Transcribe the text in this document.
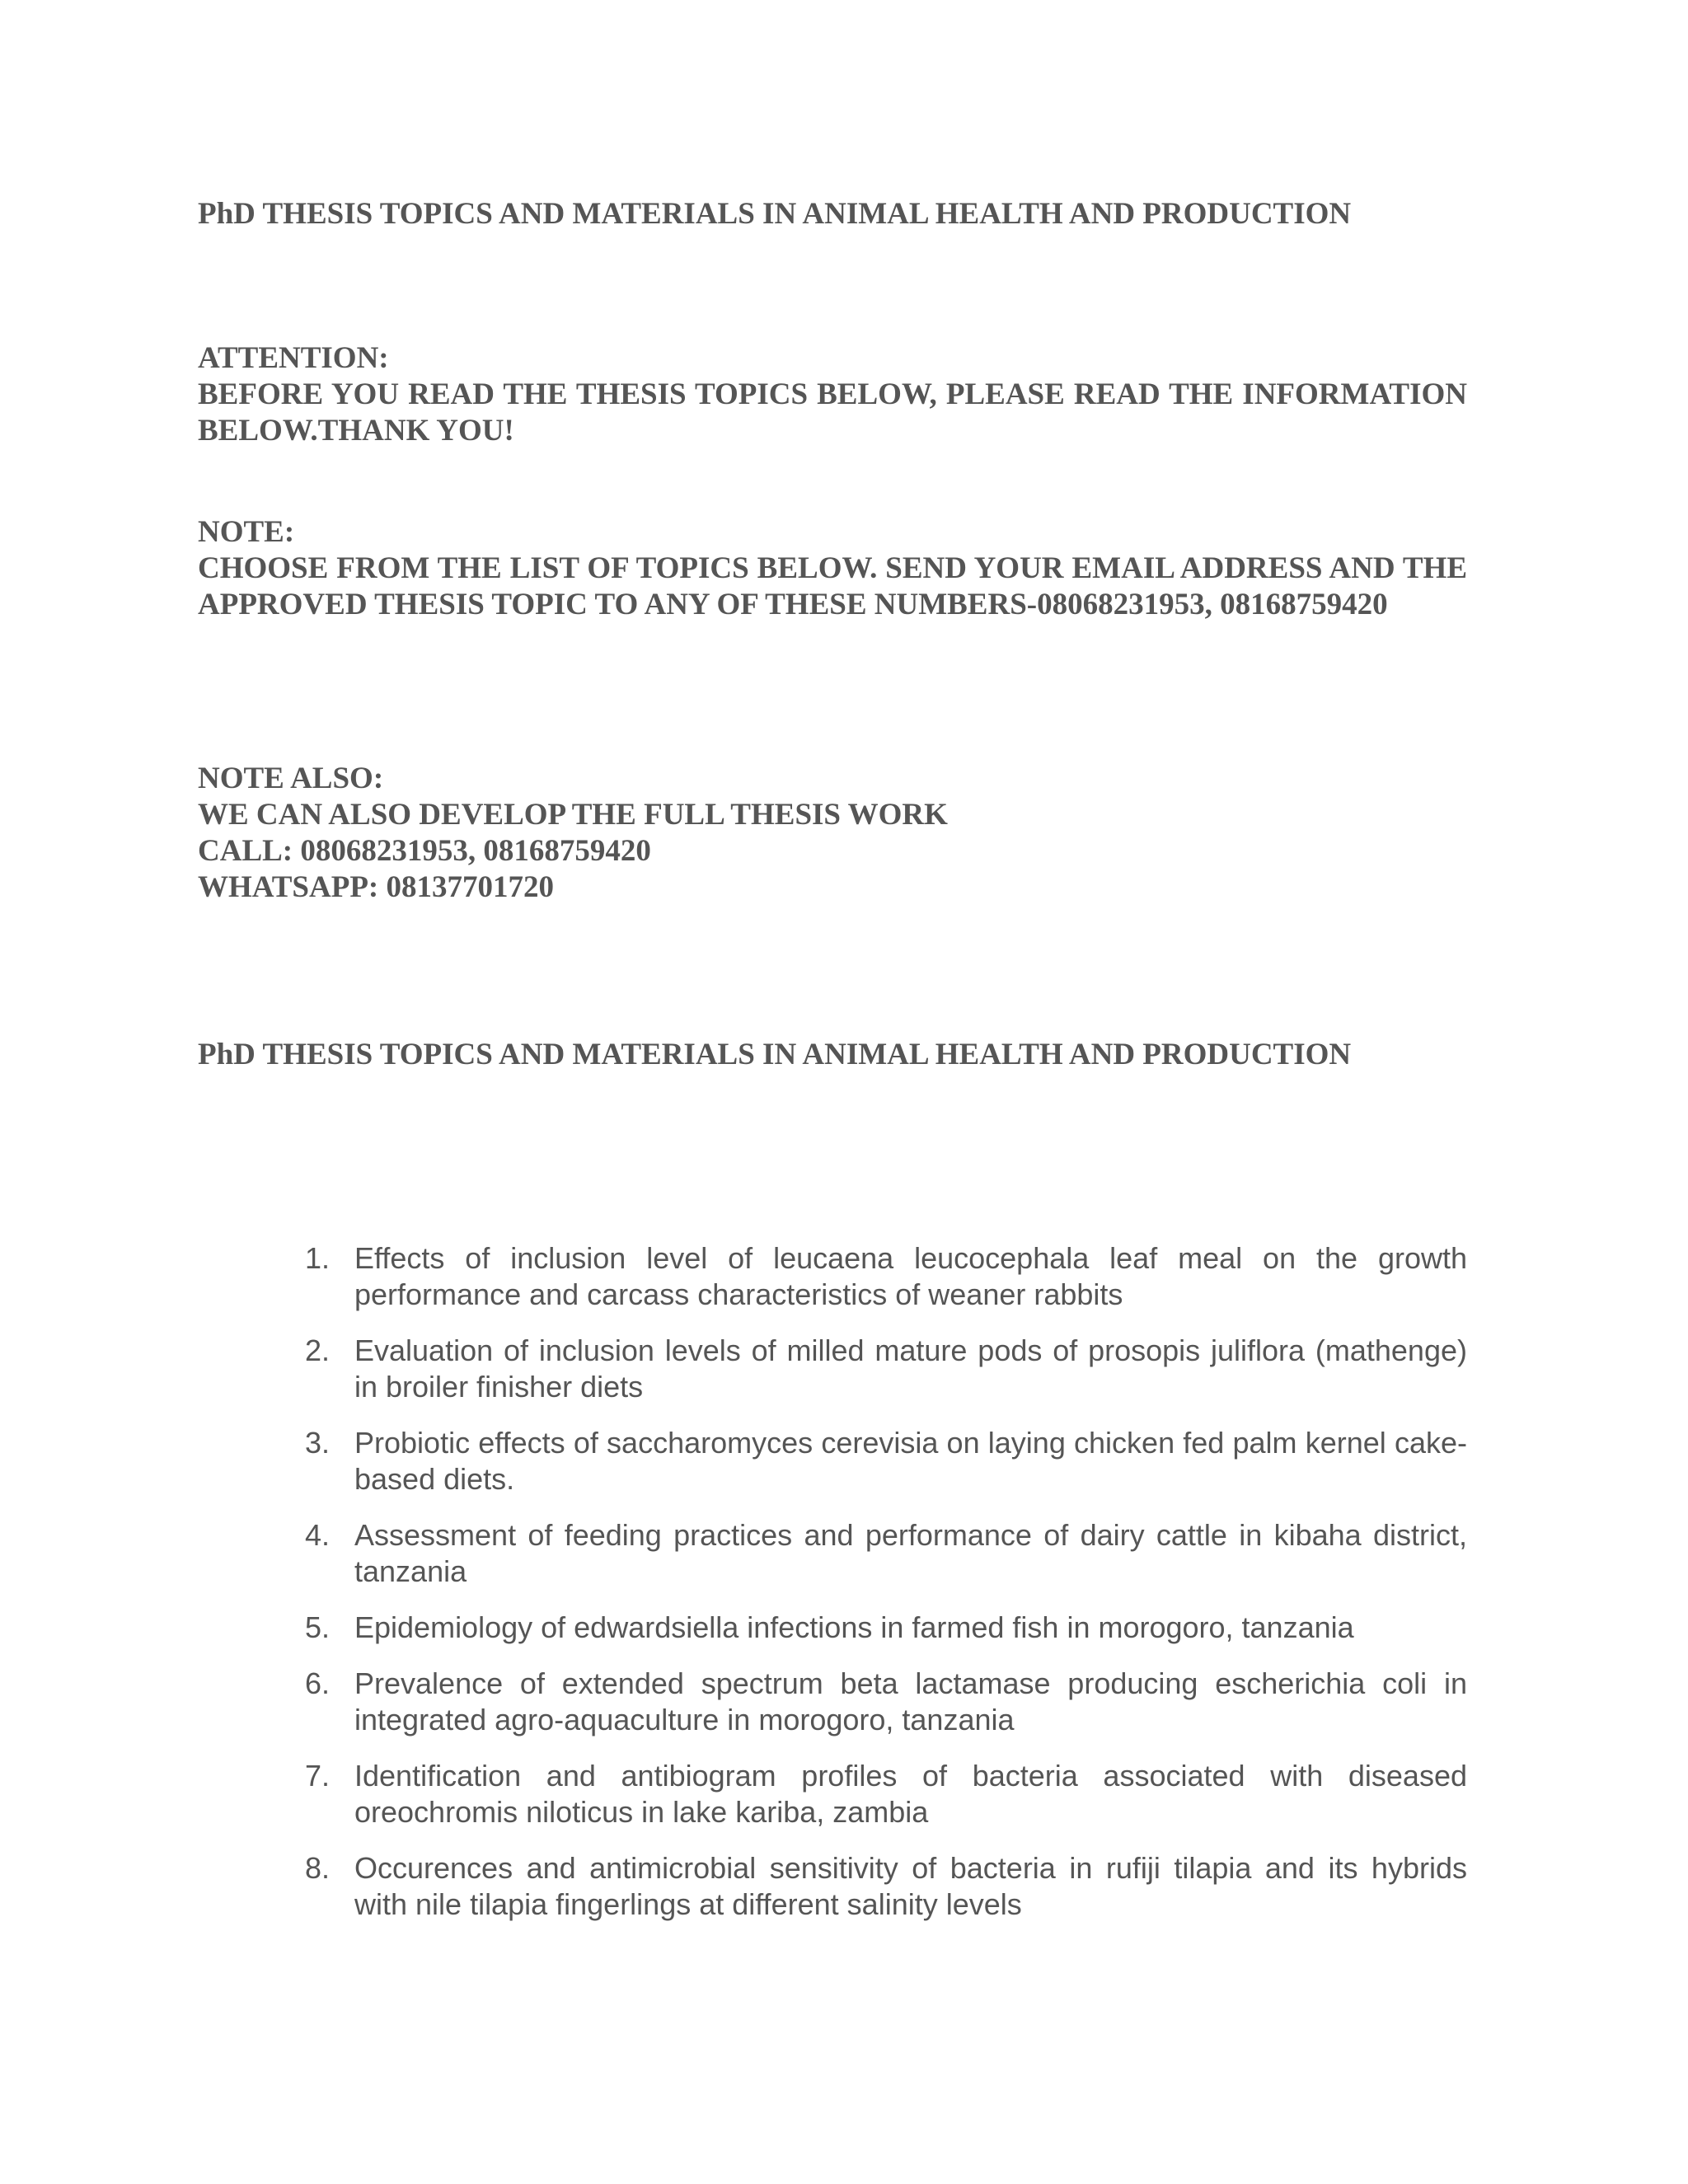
PhD THESIS TOPICS AND MATERIALS IN ANIMAL HEALTH AND PRODUCTION
ATTENTION:
BEFORE YOU READ THE THESIS TOPICS BELOW, PLEASE READ THE INFORMATION BELOW.THANK YOU!
NOTE:
CHOOSE FROM THE LIST OF TOPICS BELOW. SEND YOUR EMAIL ADDRESS AND THE APPROVED THESIS TOPIC TO ANY OF THESE NUMBERS-08068231953, 08168759420
NOTE ALSO:
WE CAN ALSO DEVELOP THE FULL THESIS WORK
CALL: 08068231953, 08168759420
WHATSAPP: 08137701720
PhD THESIS TOPICS AND MATERIALS IN ANIMAL HEALTH AND PRODUCTION
1. Effects of inclusion level of leucaena leucocephala leaf meal on the growth performance and carcass characteristics of weaner rabbits
2. Evaluation of inclusion levels of milled mature pods of prosopis juliflora (mathenge) in broiler finisher diets
3. Probiotic effects of saccharomyces cerevisia on laying chicken fed palm kernel cake-based diets.
4. Assessment of feeding practices and performance of dairy cattle in kibaha district, tanzania
5. Epidemiology of edwardsiella infections in farmed fish in morogoro, tanzania
6. Prevalence of extended spectrum beta lactamase producing escherichia coli in integrated agro-aquaculture in morogoro, tanzania
7. Identification and antibiogram profiles of bacteria associated with diseased oreochromis niloticus in lake kariba, zambia
8. Occurences and antimicrobial sensitivity of bacteria in rufiji tilapia and its hybrids with nile tilapia fingerlings at different salinity levels
